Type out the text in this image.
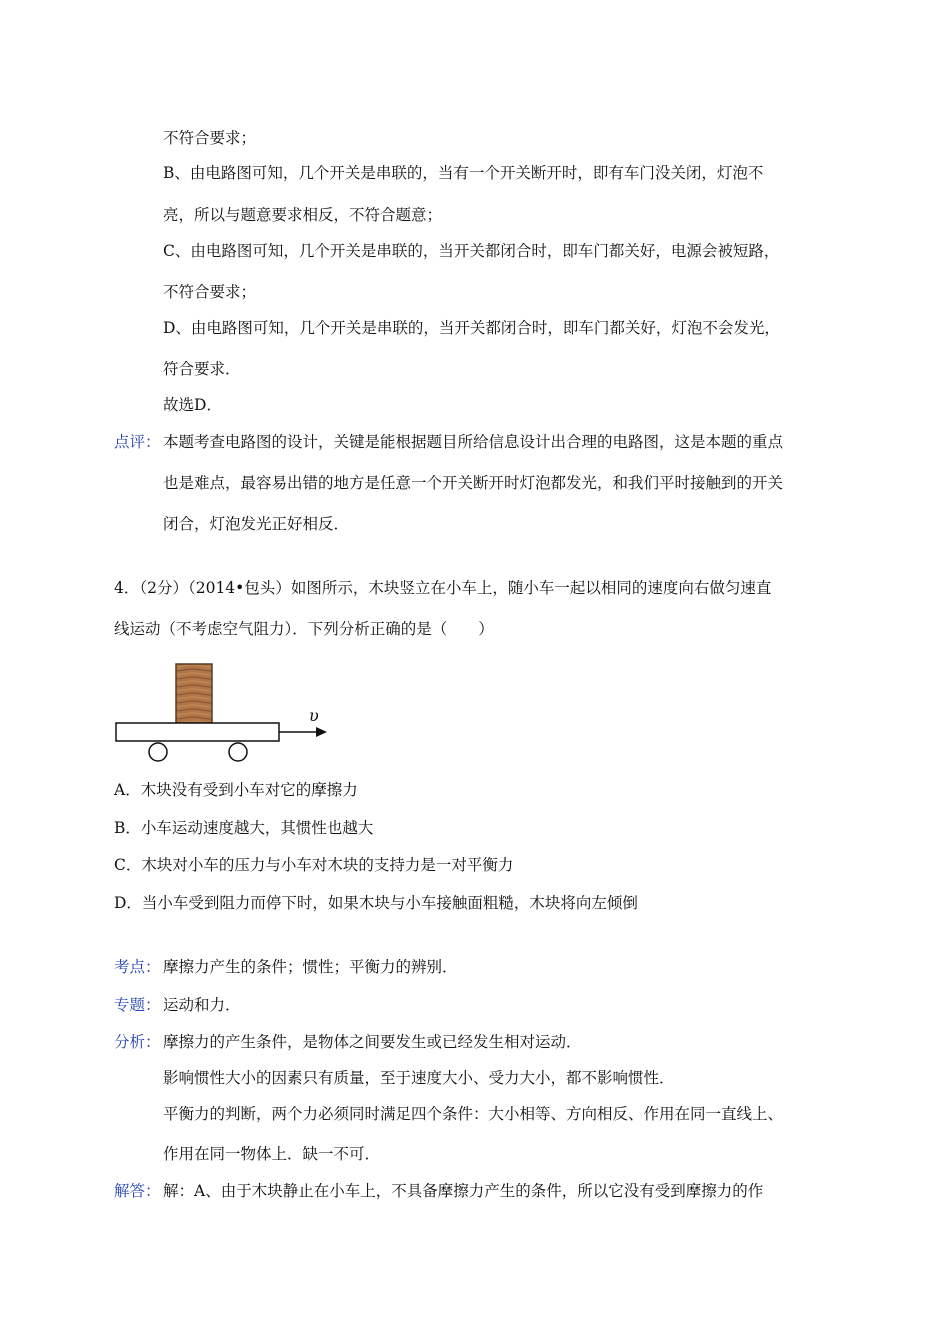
不符合要求；
B、由电路图可知，几个开关是串联的，当有一个开关断开时，即有车门没关闭，灯泡不
亮，所以与题意要求相反，不符合题意；
C、由电路图可知，几个开关是串联的，当开关都闭合时，即车门都关好，电源会被短路，
不符合要求；
D、由电路图可知，几个开关是串联的，当开关都闭合时，即车门都关好，灯泡不会发光，
符合要求．
故选D．
点评： 本题考查电路图的设计，关键是能根据题目所给信息设计出合理的电路图，这是本题的重点
也是难点，最容易出错的地方是任意一个开关断开时灯泡都发光，和我们平时接触到的开关
闭合，灯泡发光正好相反．
4．（2分）（2014•包头）如图所示，木块竖立在小车上，随小车一起以相同的速度向右做匀速直
线运动（不考虑空气阻力）．下列分析正确的是（　　）
υ
A．木块没有受到小车对它的摩擦力
B．小车运动速度越大，其惯性也越大
C．木块对小车的压力与小车对木块的支持力是一对平衡力
D．当小车受到阻力而停下时，如果木块与小车接触面粗糙，木块将向左倾倒
考点： 摩擦力产生的条件；惯性；平衡力的辨别．
专题： 运动和力．
分析： 摩擦力的产生条件，是物体之间要发生或已经发生相对运动．
影响惯性大小的因素只有质量，至于速度大小、受力大小，都不影响惯性．
平衡力的判断，两个力必须同时满足四个条件：大小相等、方向相反、作用在同一直线上、
作用在同一物体上．缺一不可．
解答： 解：A、由于木块静止在小车上，不具备摩擦力产生的条件，所以它没有受到摩擦力的作
